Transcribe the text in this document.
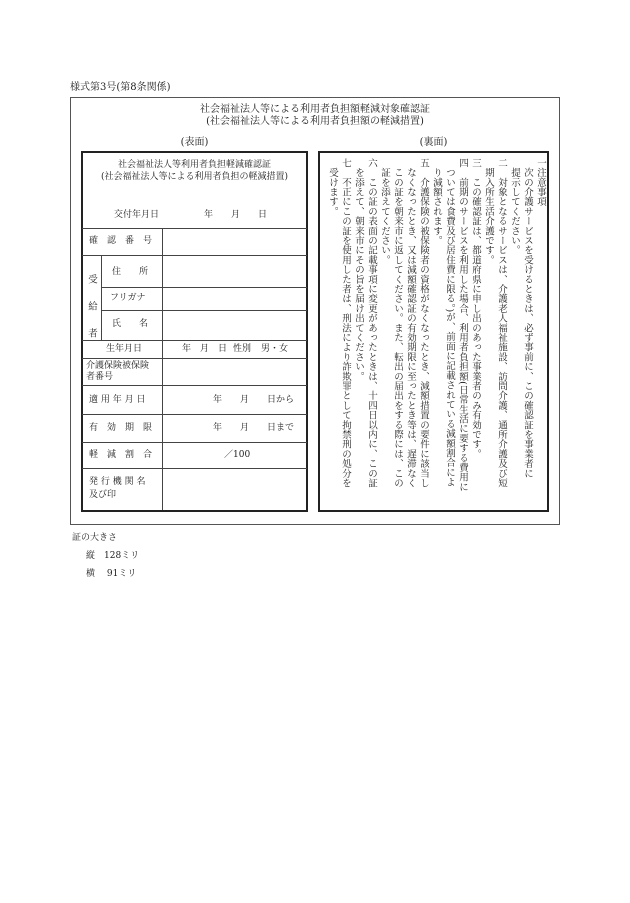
様式第3号(第8条関係)
社会福祉法人等による利用者負担額軽減対象確認証
(社会福祉法人等による利用者負担額の軽減措置)
(表面)	(裏面)
社会福祉法人等利用者負担軽減確認証
(社会福祉法人等による利用者負担の軽減措置)
交付年月日	年　　月　　日
確　認　番　号
受　給　者
住　　所
フリガナ
氏　　名
生年月日	年　月　日 性別 男・女
介護保険被保険
者番号
適 用 年 月 日	年　　月　　日から
有　効　期　限	年　　月　　日まで
軽　減　割　合	／100
発 行 機 関 名
及び印
一注意事項
　次の介護サービスを受けるときは、必ず事前に、この確認証を事業者に
　提示してください。
二　対象となるサービスは、介護老人福祉施設、訪問介護、通所介護及び短
　期入所生活介護です。
三　この確認証は、都道府県に申し出のあった事業者のみ有効です。
四　前期のサービスを利用した場合、利用者負担額(日常生活に要する費用に
　ついては食費及び居住費に限る。)が、前面に記載されている減額割合によ
　り減額されます。
五　介護保険の被保険者の資格がなくなったとき、減額措置の要件に該当し
　なくなったとき、又は減額確認証の有効期限に至ったとき等は、遅滞なく
　この証を朝来市に返してください。また、転出の届出をする際には、この
　証を添えてください。
六　この証の表面の記載事項に変更があったときは、十四日以内に、この証
　を添えて、朝来市にその旨を届け出てください。
七　不正にこの証を使用した者は、刑法により詐欺罪として拘禁刑の処分を
　受けます。
証の大きさ
縦　128ミリ
横　 91ミリ
